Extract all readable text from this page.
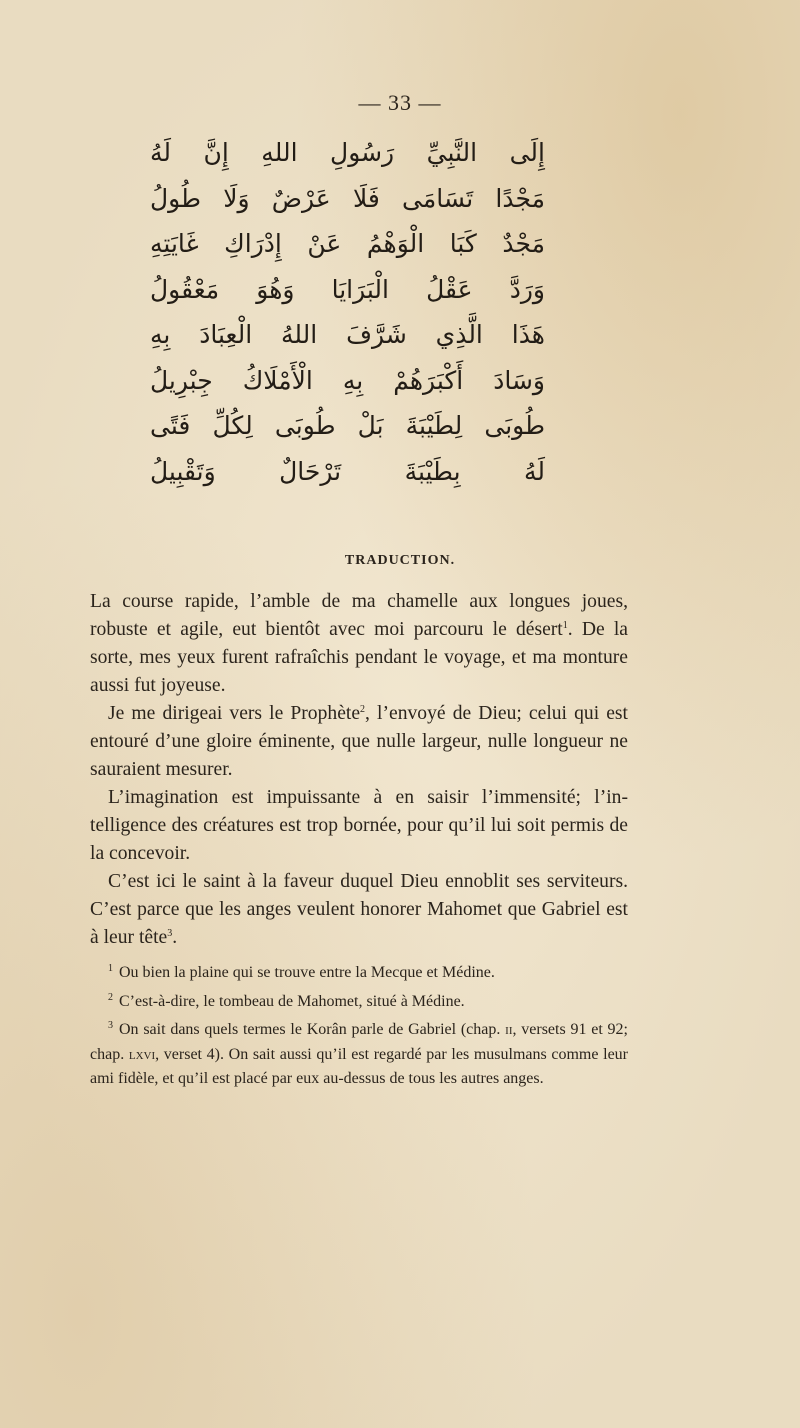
— 33 —
إِلَى النَّبِيِّ رَسُولِ اللهِ إِنَّ لَهُ
مَجْدًا تَسَامَى فَلَا عَرْضٌ وَلَا طُولُ
مَجْدٌ كَبَا الْوَهْمُ عَنْ إِدْرَاكِ غَايَتِهِ
وَرَدَّ عَقْلُ الْبَرَايَا وَهُوَ مَعْقُولُ
هَذَا الَّذِي شَرَّفَ اللهُ الْعِبَادَ بِهِ
وَسَادَ أَكْبَرَهُمْ بِهِ الْأَمْلَاكُ جِبْرِيلُ
طُوبَى لِطَيْبَةَ بَلْ طُوبَى لِكُلِّ فَتًى
لَهُ بِطَيْبَةَ تَرْحَالٌ وَتَقْبِيلُ
TRADUCTION.

La course rapide, l’amble de ma chamelle aux longues joues, robuste et agile, eut bientôt avec moi parcouru le désert$^1$. De la sorte, mes yeux furent rafraîchis pendant le voyage, et ma monture aussi fut joyeuse.

Je me dirigeai vers le Prophète$^2$, l’envoyé de Dieu; celui qui est entouré d’une gloire éminente, que nulle largeur, nulle longueur ne sauraient mesurer.

L’imagination est impuissante à en saisir l’immensité; l’intelligence des créatures est trop bornée, pour qu’il lui soit permis de la concevoir.

C’est ici le saint à la faveur duquel Dieu ennoblit ses serviteurs. C’est parce que les anges veulent honorer Mahomet que Gabriel est à leur tête$^3$.

$^1$ Ou bien la plaine qui se trouve entre la Mecque et Médine.

$^2$ C’est-à-dire, le tombeau de Mahomet, situé à Médine.

$^3$ On sait dans quels termes le Korân parle de Gabriel (chap. ii, versets 91 et 92; chap. lxvi, verset 4). On sait aussi qu’il est regardé par les musulmans comme leur ami fidèle, et qu’il est placé par eux au-dessus de tous les autres anges.
